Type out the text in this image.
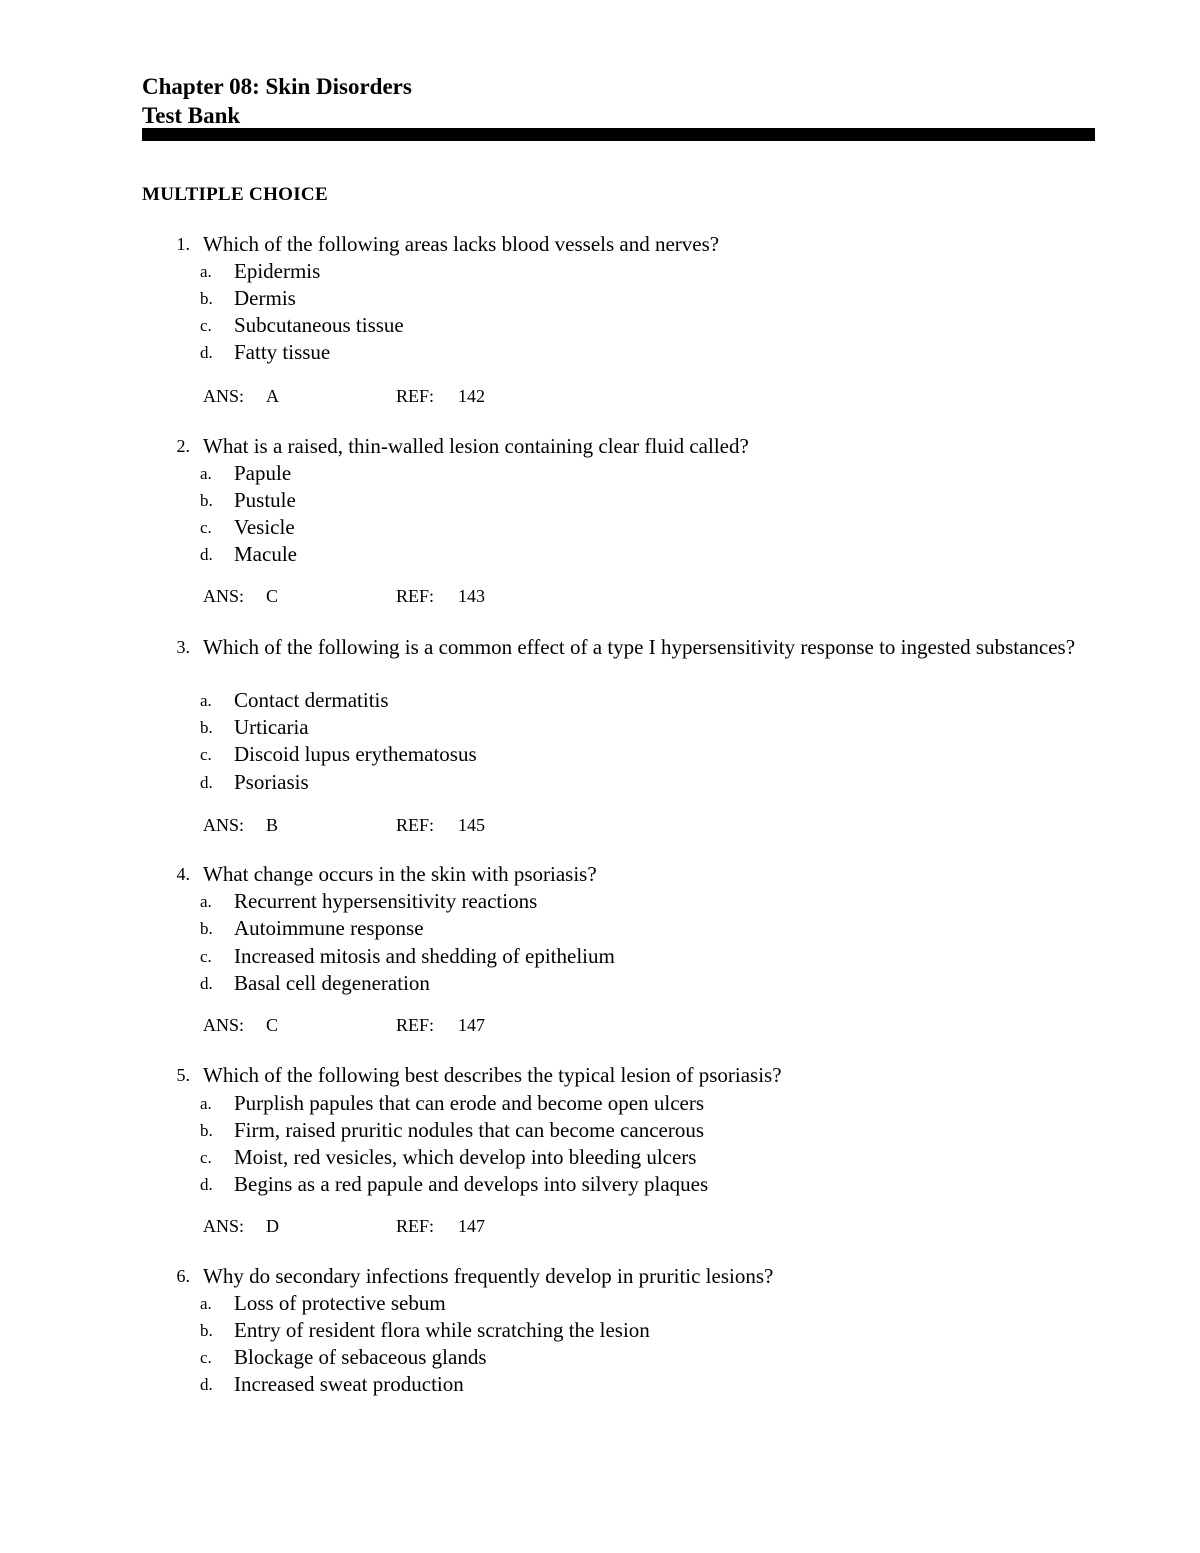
Chapter 08: Skin Disorders
Test Bank
MULTIPLE CHOICE
1. Which of the following areas lacks blood vessels and nerves?
a.	Epidermis
b.	Dermis
c.	Subcutaneous tissue
d.	Fatty tissue
ANS: A	REF: 142
2. What is a raised, thin-walled lesion containing clear fluid called?
a.	Papule
b.	Pustule
c.	Vesicle
d.	Macule
ANS: C	REF: 143
3. Which of the following is a common effect of a type I hypersensitivity response to ingested substances?
a.	Contact dermatitis
b.	Urticaria
c.	Discoid lupus erythematosus
d.	Psoriasis
ANS: B	REF: 145
4. What change occurs in the skin with psoriasis?
a.	Recurrent hypersensitivity reactions
b.	Autoimmune response
c.	Increased mitosis and shedding of epithelium
d.	Basal cell degeneration
ANS: C	REF: 147
5. Which of the following best describes the typical lesion of psoriasis?
a.	Purplish papules that can erode and become open ulcers
b.	Firm, raised pruritic nodules that can become cancerous
c.	Moist, red vesicles, which develop into bleeding ulcers
d.	Begins as a red papule and develops into silvery plaques
ANS: D	REF: 147
6. Why do secondary infections frequently develop in pruritic lesions?
a.	Loss of protective sebum
b.	Entry of resident flora while scratching the lesion
c.	Blockage of sebaceous glands
d.	Increased sweat production
